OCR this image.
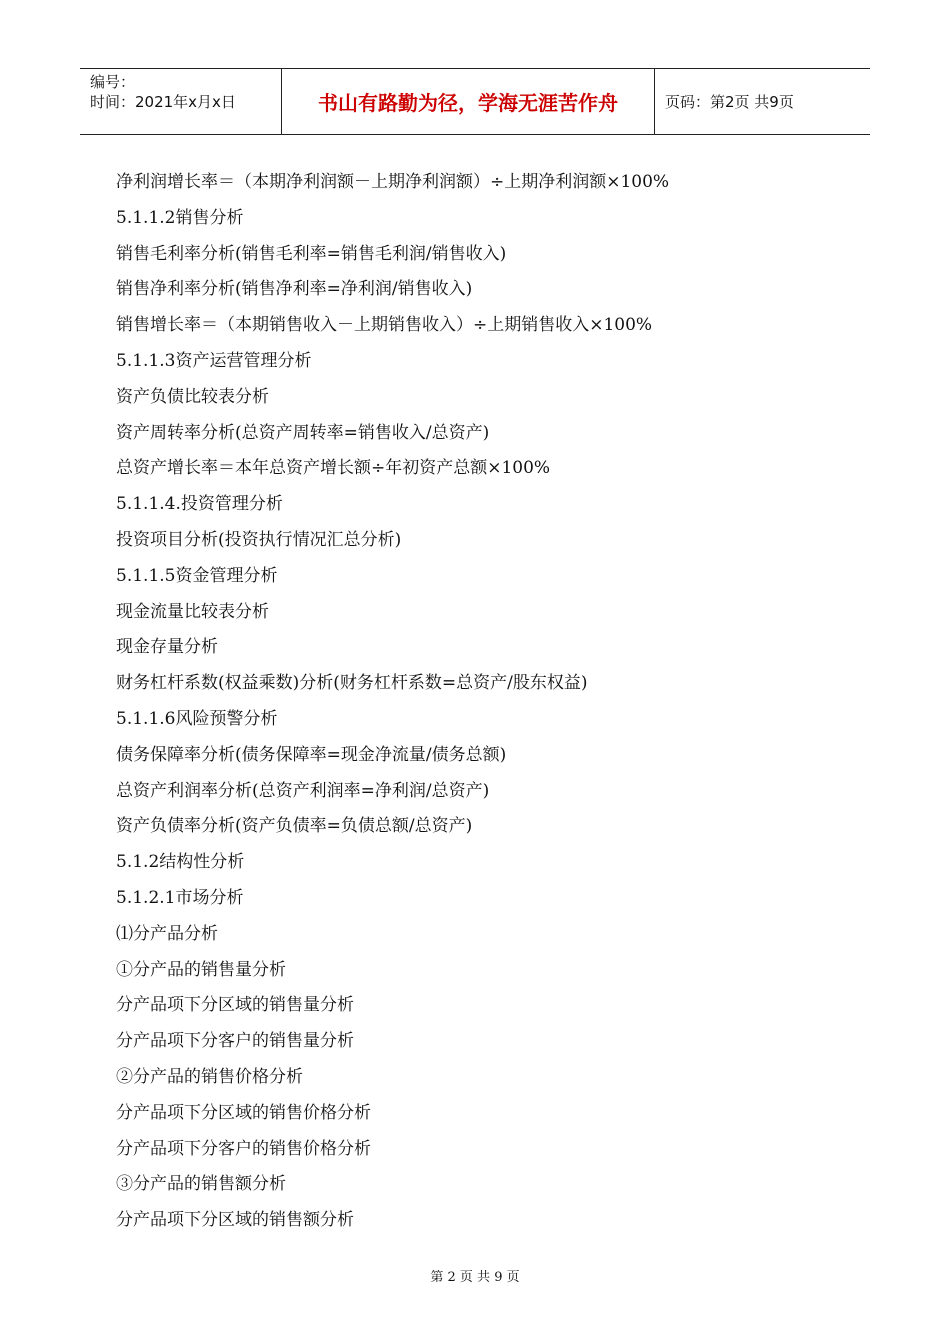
编号：
时间：2021年x月x日	书山有路勤为径，学海无涯苦作舟	页码：第2页 共9页
净利润增长率＝（本期净利润额－上期净利润额）÷上期净利润额×100%
5.1.1.2销售分析
销售毛利率分析(销售毛利率=销售毛利润/销售收入)
销售净利率分析(销售净利率=净利润/销售收入)
销售增长率＝（本期销售收入－上期销售收入）÷上期销售收入×100%
5.1.1.3资产运营管理分析
资产负债比较表分析
资产周转率分析(总资产周转率=销售收入/总资产)
总资产增长率＝本年总资产增长额÷年初资产总额×100%
5.1.1.4.投资管理分析
投资项目分析(投资执行情况汇总分析)
5.1.1.5资金管理分析
现金流量比较表分析
现金存量分析
财务杠杆系数(权益乘数)分析(财务杠杆系数=总资产/股东权益)
5.1.1.6风险预警分析
债务保障率分析(债务保障率=现金净流量/债务总额)
总资产利润率分析(总资产利润率=净利润/总资产)
资产负债率分析(资产负债率=负债总额/总资产)
5.1.2结构性分析
5.1.2.1市场分析
⑴分产品分析
①分产品的销售量分析
分产品项下分区域的销售量分析
分产品项下分客户的销售量分析
②分产品的销售价格分析
分产品项下分区域的销售价格分析
分产品项下分客户的销售价格分析
③分产品的销售额分析
分产品项下分区域的销售额分析
第 2 页 共 9 页
